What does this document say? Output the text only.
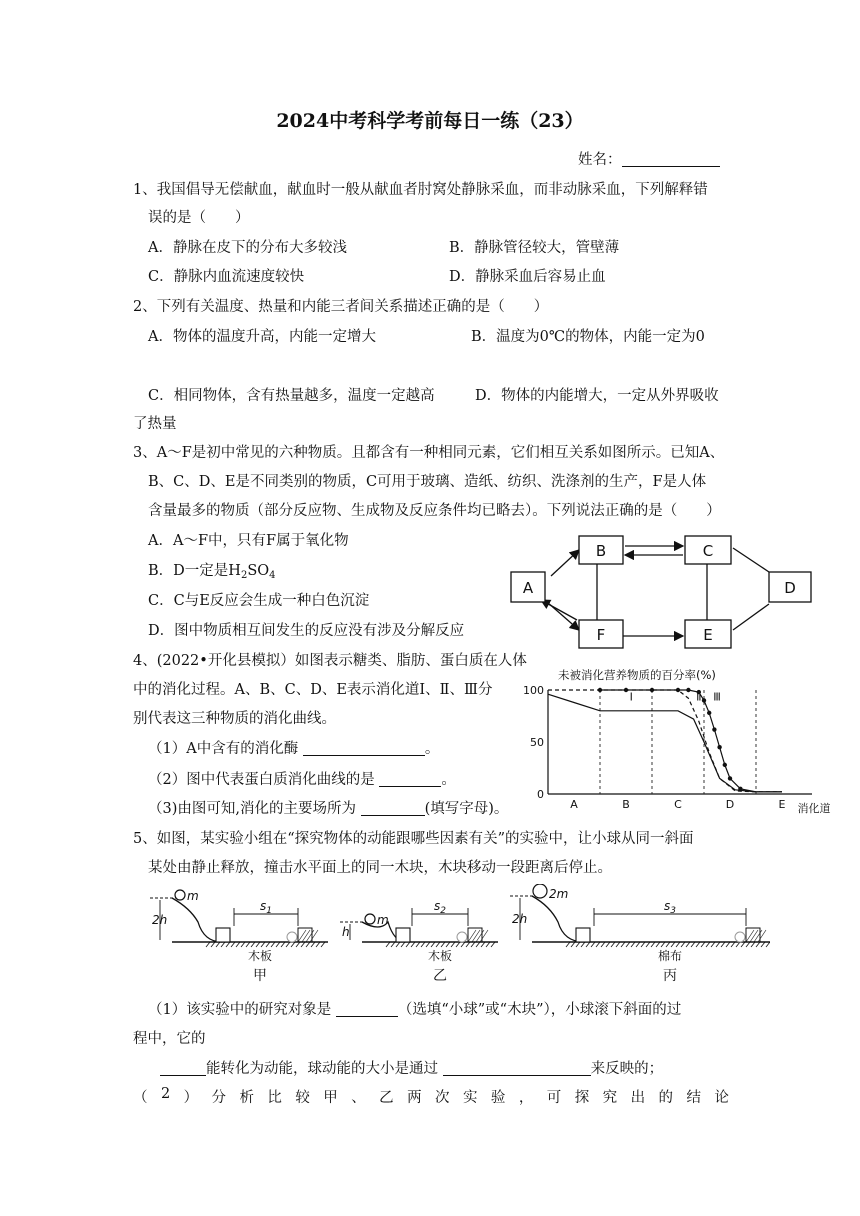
2024中考科学考前每日一练（23）
姓名：
1、我国倡导无偿献血，献血时一般从献血者肘窝处静脉采血，而非动脉采血，下列解释错
误的是（　　）
A．静脉在皮下的分布大多较浅	B．静脉管径较大，管壁薄
C．静脉内血流速度较快	D．静脉采血后容易止血
2、下列有关温度、热量和内能三者间关系描述正确的是（　　）
A．物体的温度升高，内能一定增大	B．温度为0℃的物体，内能一定为0
C．相同物体，含有热量越多，温度一定越高	D．物体的内能增大，一定从外界吸收
了热量
3、A～F是初中常见的六种物质。且都含有一种相同元素，它们相互关系如图所示。已知A、
B、C、D、E是不同类别的物质，C可用于玻璃、造纸、纺织、洗涤剂的生产，F是人体
含量最多的物质（部分反应物、生成物及反应条件均已略去）。下列说法正确的是（　　）
A．A～F中，只有F属于氧化物
B．D一定是$H_2SO_4$
C．C与E反应会生成一种白色沉淀
D．图中物质相互间发生的反应没有涉及分解反应
A
B	C
D
E
F
4、(2022•开化县模拟）如图表示糖类、脂肪、蛋白质在人体
中的消化过程。A、B、C、D、E表示消化道Ⅰ、Ⅱ、Ⅲ分
别代表这三种物质的消化曲线。
（1）A中含有的消化酶	。
（2）图中代表蛋白质消化曲线的是	。
（3)由图可知,消化的主要场所为	(填写字母)。
未被消化营养物质的百分率(%)
0
50
100
A	B	C	D	E 消化道
Ⅰ	Ⅱ Ⅲ
5、如图，某实验小组在“探究物体的动能跟哪些因素有关”的实验中，让小球从同一斜面
某处由静止释放，撞击水平面上的同一木块，木块移动一段距离后停止。
2h
m
$s_1$
木板
甲
h
m
$s_2$
木板
乙
2h
2m
$s_3$
棉布
丙
（1）该实验中的研究对象是	（选填“小球”或“木块”），小球滚下斜面的过
程中，它的
能转化为动能，球动能的大小是通过	来反映的；
（ 2 ） 分 析 比 较 甲 、 乙 两 次 实 验 ， 可 探 究 出 的 结 论
